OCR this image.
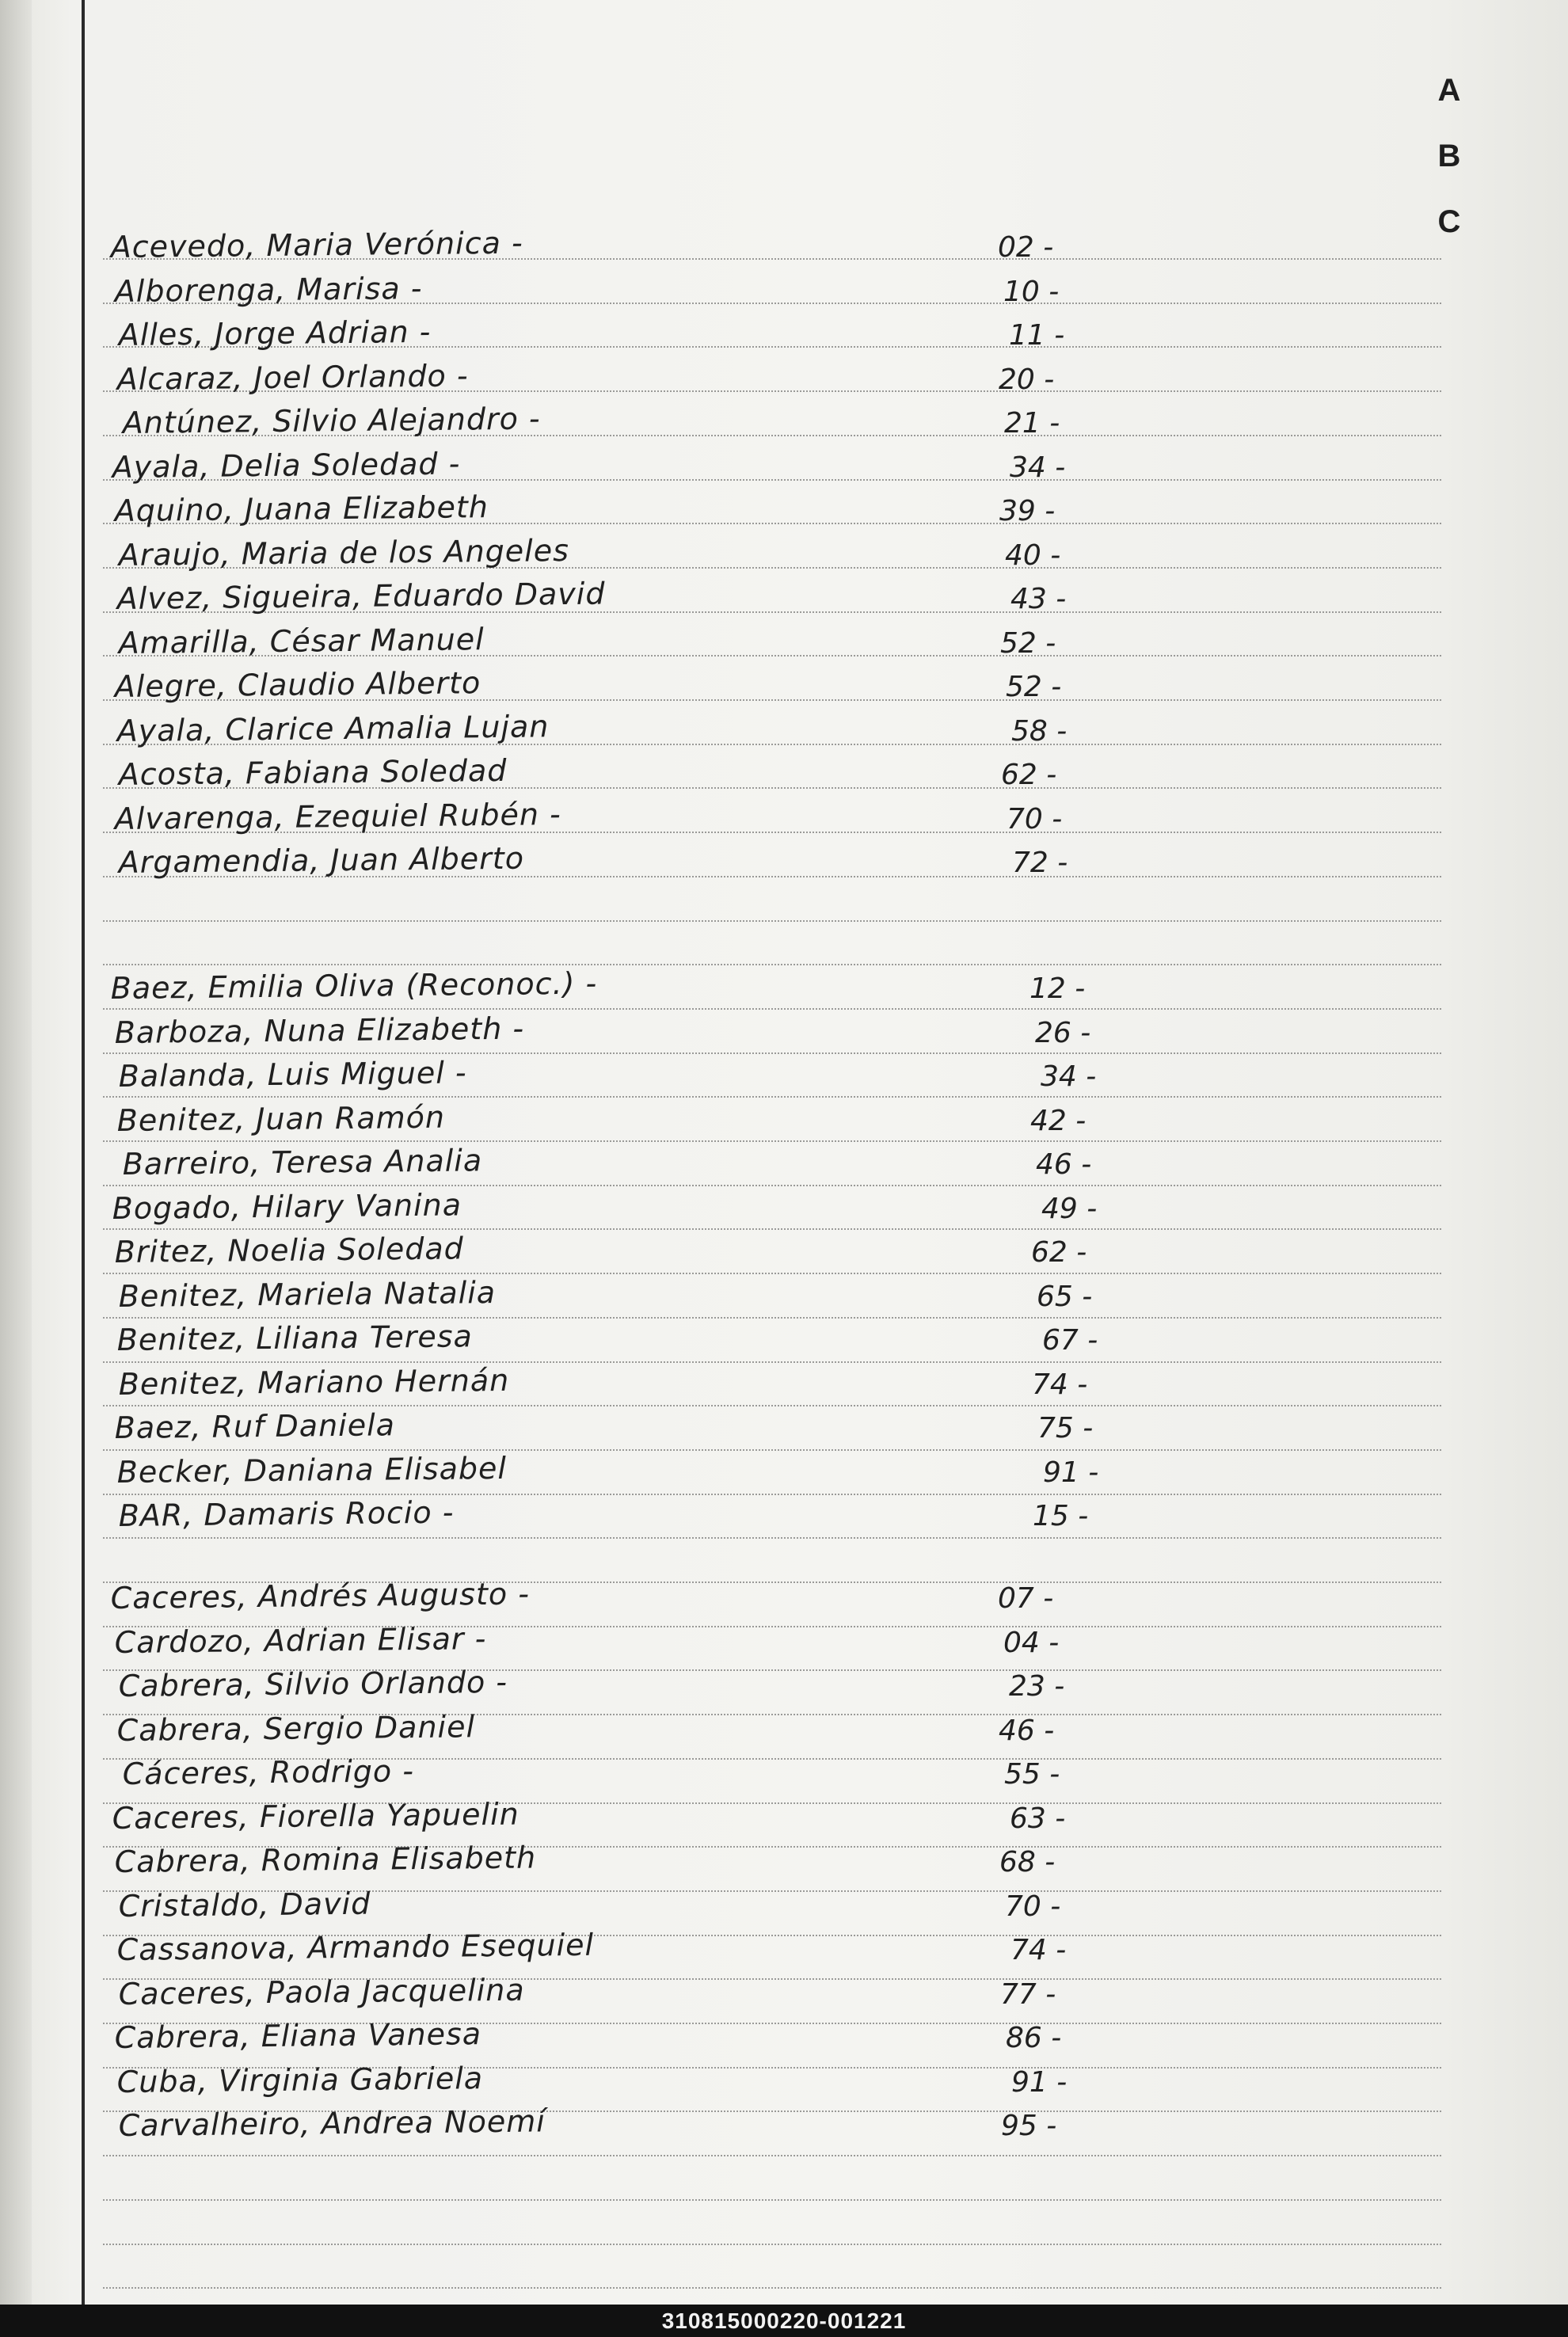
A
B
C
Acevedo, Maria Verónica -	02 -
Alborenga, Marisa -	10 -
Alles, Jorge Adrian -	11 -
Alcaraz, Joel Orlando -	20 -
Antúnez, Silvio Alejandro -	21 -
Ayala, Delia Soledad -	34 -
Aquino, Juana Elizabeth	39 -
Araujo, Maria de los Angeles	40 -
Alvez, Sigueira, Eduardo David	43 -
Amarilla, César Manuel	52 -
Alegre, Claudio Alberto	52 -
Ayala, Clarice Amalia Lujan	58 -
Acosta, Fabiana Soledad	62 -
Alvarenga, Ezequiel Rubén -	70 -
Argamendia, Juan Alberto	72 -
Baez, Emilia Oliva (Reconoc.) -	12 -
Barboza, Nuna Elizabeth -	26 -
Balanda, Luis Miguel -	34 -
Benitez, Juan Ramón	42 -
Barreiro, Teresa Analia	46 -
Bogado, Hilary Vanina	49 -
Britez, Noelia Soledad	62 -
Benitez, Mariela Natalia	65 -
Benitez, Liliana Teresa	67 -
Benitez, Mariano Hernán	74 -
Baez, Ruf Daniela	75 -
Becker, Daniana Elisabel	91 -
BAR, Damaris Rocio -	15 -
Caceres, Andrés Augusto -	07 -
Cardozo, Adrian Elisar -	04 -
Cabrera, Silvio Orlando -	23 -
Cabrera, Sergio Daniel	46 -
Cáceres, Rodrigo -	55 -
Caceres, Fiorella Yapuelin	63 -
Cabrera, Romina Elisabeth	68 -
Cristaldo, David	70 -
Cassanova, Armando Esequiel	74 -
Caceres, Paola Jacquelina	77 -
Cabrera, Eliana Vanesa	86 -
Cuba, Virginia Gabriela	91 -
Carvalheiro, Andrea Noemí	95 -
310815000220-001221
